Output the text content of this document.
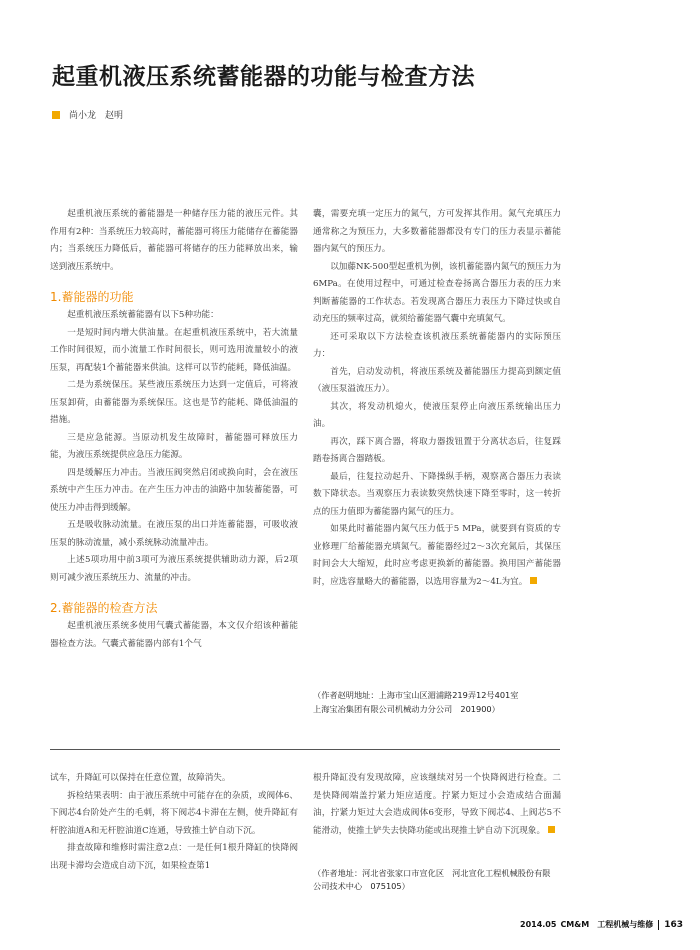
起重机液压系统蓄能器的功能与检查方法
尚小龙　赵明

起重机液压系统的蓄能器是一种储存压力能的液压元件。其作用有2种：当系统压力较高时，蓄能器可将压力能储存在蓄能器内；当系统压力降低后，蓄能器可将储存的压力能释放出来，输送到液压系统中。

1.蓄能器的功能

起重机液压系统蓄能器有以下5种功能：

一是短时间内增大供油量。在起重机液压系统中，若大流量工作时间很短，而小流量工作时间很长，则可选用流量较小的液压泵，再配装1个蓄能器来供油。这样可以节约能耗，降低油温。

二是为系统保压。某些液压系统压力达到一定值后，可将液压泵卸荷，由蓄能器为系统保压。这也是节约能耗、降低油温的措施。

三是应急能源。当原动机发生故障时，蓄能器可释放压力能，为液压系统提供应急压力能源。

四是缓解压力冲击。当液压阀突然启闭或换向时，会在液压系统中产生压力冲击。在产生压力冲击的油路中加装蓄能器，可使压力冲击得到缓解。

五是吸收脉动流量。在液压泵的出口并连蓄能器，可吸收液压泵的脉动流量，减小系统脉动流量冲击。

上述5项功用中前3项可为液压系统提供辅助动力源，后2项则可减少液压系统压力、流量的冲击。

2.蓄能器的检查方法

起重机液压系统多使用气囊式蓄能器，本文仅介绍该种蓄能器检查方法。气囊式蓄能器内部有1个气

囊，需要充填一定压力的氮气，方可发挥其作用。氮气充填压力通常称之为预压力，大多数蓄能器都没有专门的压力表显示蓄能器内氮气的预压力。

以加藤NK-500型起重机为例，该机蓄能器内氮气的预压力为6MPa。在使用过程中，可通过检查卷扬离合器压力表的压力来判断蓄能器的工作状态。若发现离合器压力表压力下降过快或自动充压的频率过高，就须给蓄能器气囊中充填氮气。

还可采取以下方法检查该机液压系统蓄能器内的实际预压力：

首先，启动发动机，将液压系统及蓄能器压力提高到额定值（液压泵溢流压力）。

其次，将发动机熄火，使液压泵停止向液压系统输出压力油。

再次，踩下离合器，将取力器拨钮置于分离状态后，往复踩踏卷扬离合器踏板。

最后，往复拉动起升、下降操纵手柄，观察离合器压力表读数下降状态。当观察压力表读数突然快速下降至零时，这一转折点的压力值即为蓄能器内氮气的压力。

如果此时蓄能器内氮气压力低于5 MPa，就要到有资质的专业修理厂给蓄能器充填氮气。蓄能器经过2～3次充氮后，其保压时间会大大缩短，此时应考虑更换新的蓄能器。换用国产蓄能器时，应选容量略大的蓄能器，以选用容量为2～4L为宜。

（作者赵明地址：上海市宝山区湄浦路219弄12号401室
上海宝冶集团有限公司机械动力分公司　201900）

试车，升降缸可以保持在任意位置，故障消失。

拆检结果表明：由于液压系统中可能存在的杂质，或阀体6、下阀芯4台阶处产生的毛刺，将下阀芯4卡滞在左侧，使升降缸有杆腔油道A和无杆腔油道C连通，导致推土铲自动下沉。

排查故障和维修时需注意2点：一是任何1根升降缸的快降阀出现卡滞均会造成自动下沉，如果检查第1

根升降缸没有发现故障，应该继续对另一个快降阀进行检查。二是快降阀端盖拧紧力矩应适度。拧紧力矩过小会造成结合面漏油，拧紧力矩过大会造成阀体6变形，导致下阀芯4、上阀芯5不能滑动，使推土铲失去快降功能或出现推土铲自动下沉现象。

（作者地址：河北省张家口市宣化区　河北宣化工程机械股份有限
公司技术中心　075105）
2014.05 CM&M　工程机械与维修 163
